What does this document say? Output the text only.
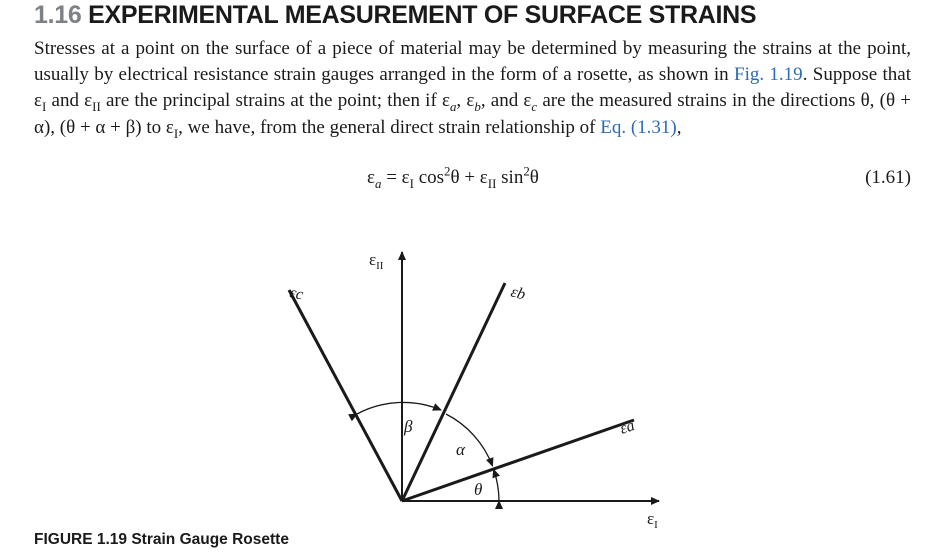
1.16 EXPERIMENTAL MEASUREMENT OF SURFACE STRAINS
Stresses at a point on the surface of a piece of material may be determined by measuring the strains at the point, usually by electrical resistance strain gauges arranged in the form of a rosette, as shown in Fig. 1.19. Suppose that $\varepsilon_I$ and $\varepsilon_{II}$ are the principal strains at the point; then if $\varepsilon_a$, $\varepsilon_b$, and $\varepsilon_c$ are the measured strains in the directions θ, (θ + α), (θ + α + β) to $\varepsilon_I$, we have, from the general direct strain relationship of Eq. (1.31),
$\varepsilon_a = \varepsilon_I$ $\cos^2\theta + \varepsilon_{II}$ $\sin^2\theta$	(1.61)
$\varepsilon_{II}$
$\varepsilon_I$
εa
εb
εc
β
α
θ
FIGURE 1.19 Strain Gauge Rosette
